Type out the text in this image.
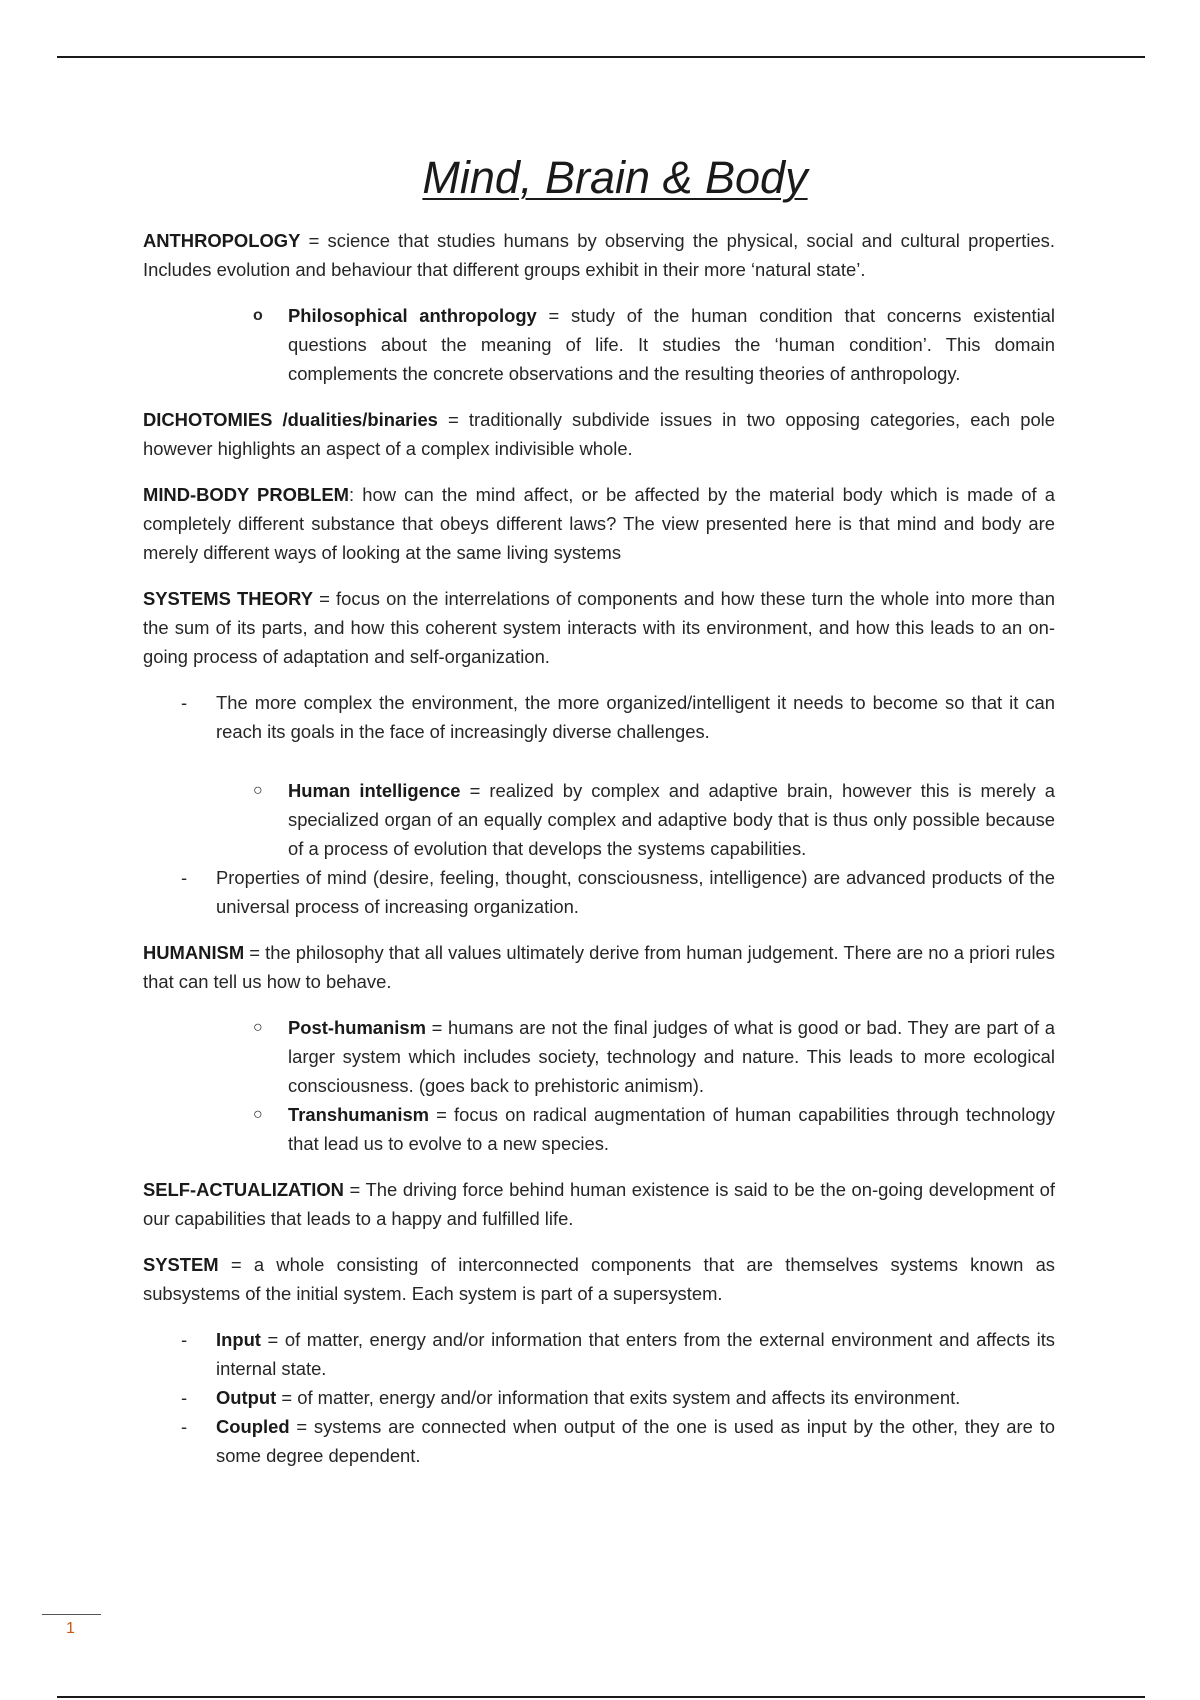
Mind, Brain & Body

ANTHROPOLOGY = science that studies humans by observing the physical, social and cultural properties. Includes evolution and behaviour that different groups exhibit in their more ‘natural state’.

o Philosophical anthropology = study of the human condition that concerns existential questions about the meaning of life. It studies the ‘human condition’. This domain complements the concrete observations and the resulting theories of anthropology.

DICHOTOMIES /dualities/binaries = traditionally subdivide issues in two opposing categories, each pole however highlights an aspect of a complex indivisible whole.

MIND-BODY PROBLEM: how can the mind affect, or be affected by the material body which is made of a completely different substance that obeys different laws? The view presented here is that mind and body are merely different ways of looking at the same living systems

SYSTEMS THEORY = focus on the interrelations of components and how these turn the whole into more than the sum of its parts, and how this coherent system interacts with its environment, and how this leads to an on-going process of adaptation and self-organization.

- The more complex the environment, the more organized/intelligent it needs to become so that it can reach its goals in the face of increasingly diverse challenges.
○ Human intelligence = realized by complex and adaptive brain, however this is merely a specialized organ of an equally complex and adaptive body that is thus only possible because of a process of evolution that develops the systems capabilities.
- Properties of mind (desire, feeling, thought, consciousness, intelligence) are advanced products of the universal process of increasing organization.

HUMANISM = the philosophy that all values ultimately derive from human judgement. There are no a priori rules that can tell us how to behave.

○ Post-humanism = humans are not the final judges of what is good or bad. They are part of a larger system which includes society, technology and nature. This leads to more ecological consciousness. (goes back to prehistoric animism).
○ Transhumanism = focus on radical augmentation of human capabilities through technology that lead us to evolve to a new species.

SELF-ACTUALIZATION = The driving force behind human existence is said to be the on-going development of our capabilities that leads to a happy and fulfilled life.

SYSTEM = a whole consisting of interconnected components that are themselves systems known as subsystems of the initial system. Each system is part of a supersystem.

- Input = of matter, energy and/or information that enters from the external environment and affects its internal state.
- Output = of matter, energy and/or information that exits system and affects its environment.
- Coupled = systems are connected when output of the one is used as input by the other, they are to some degree dependent.
1
